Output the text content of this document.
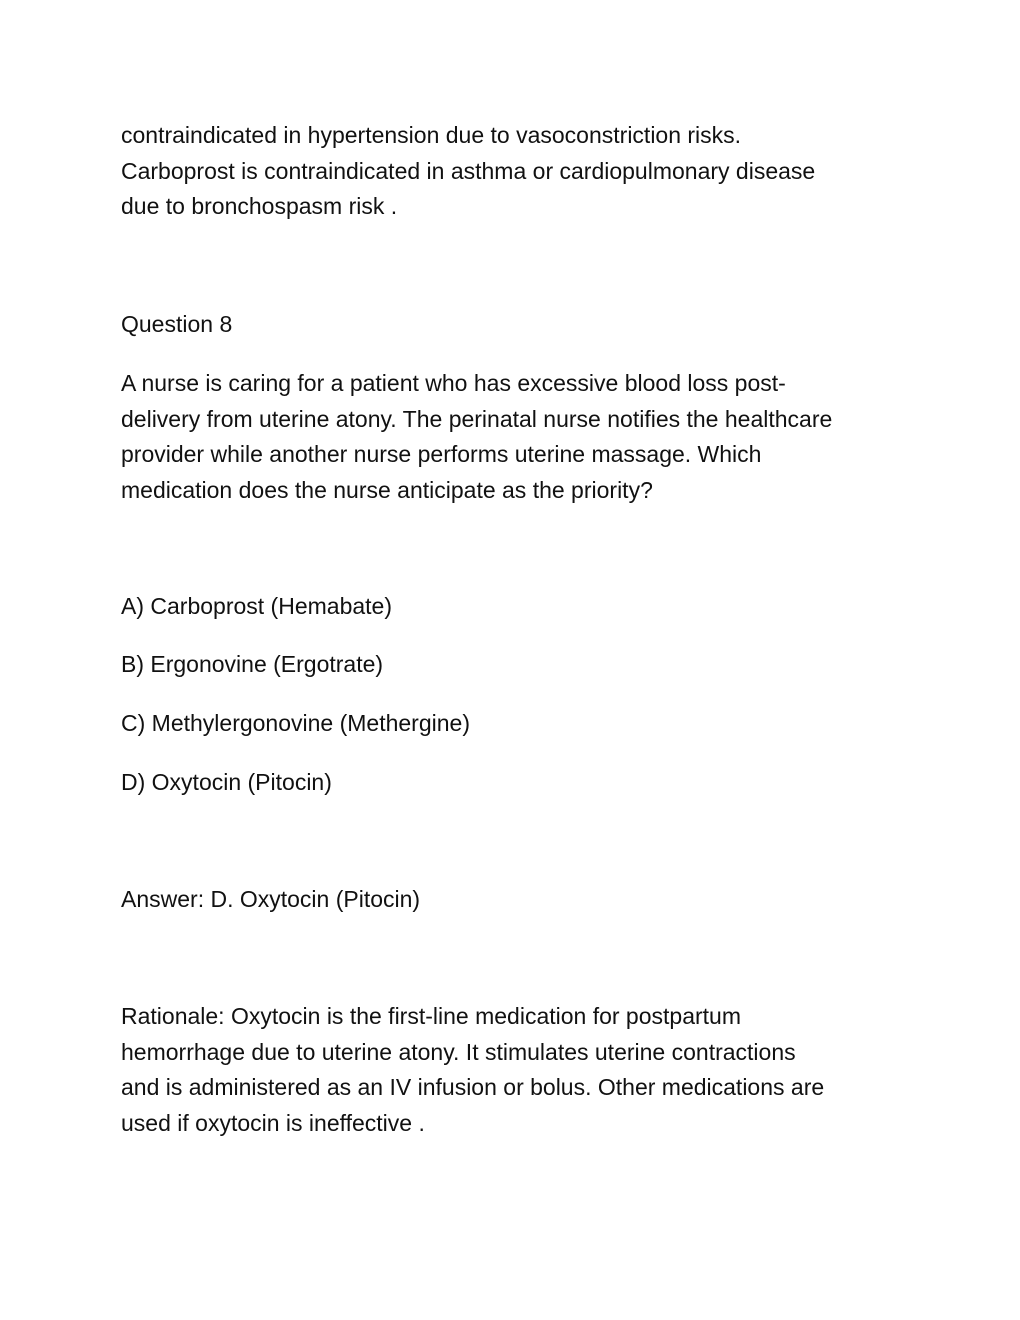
contraindicated in hypertension due to vasoconstriction risks.
Carboprost is contraindicated in asthma or cardiopulmonary disease
due to bronchospasm risk .

Question 8

A nurse is caring for a patient who has excessive blood loss post-
delivery from uterine atony. The perinatal nurse notifies the healthcare
provider while another nurse performs uterine massage. Which
medication does the nurse anticipate as the priority?

A) Carboprost (Hemabate)

B) Ergonovine (Ergotrate)

C) Methylergonovine (Methergine)

D) Oxytocin (Pitocin)

Answer: D. Oxytocin (Pitocin)

Rationale: Oxytocin is the first-line medication for postpartum
hemorrhage due to uterine atony. It stimulates uterine contractions
and is administered as an IV infusion or bolus. Other medications are
used if oxytocin is ineffective .
